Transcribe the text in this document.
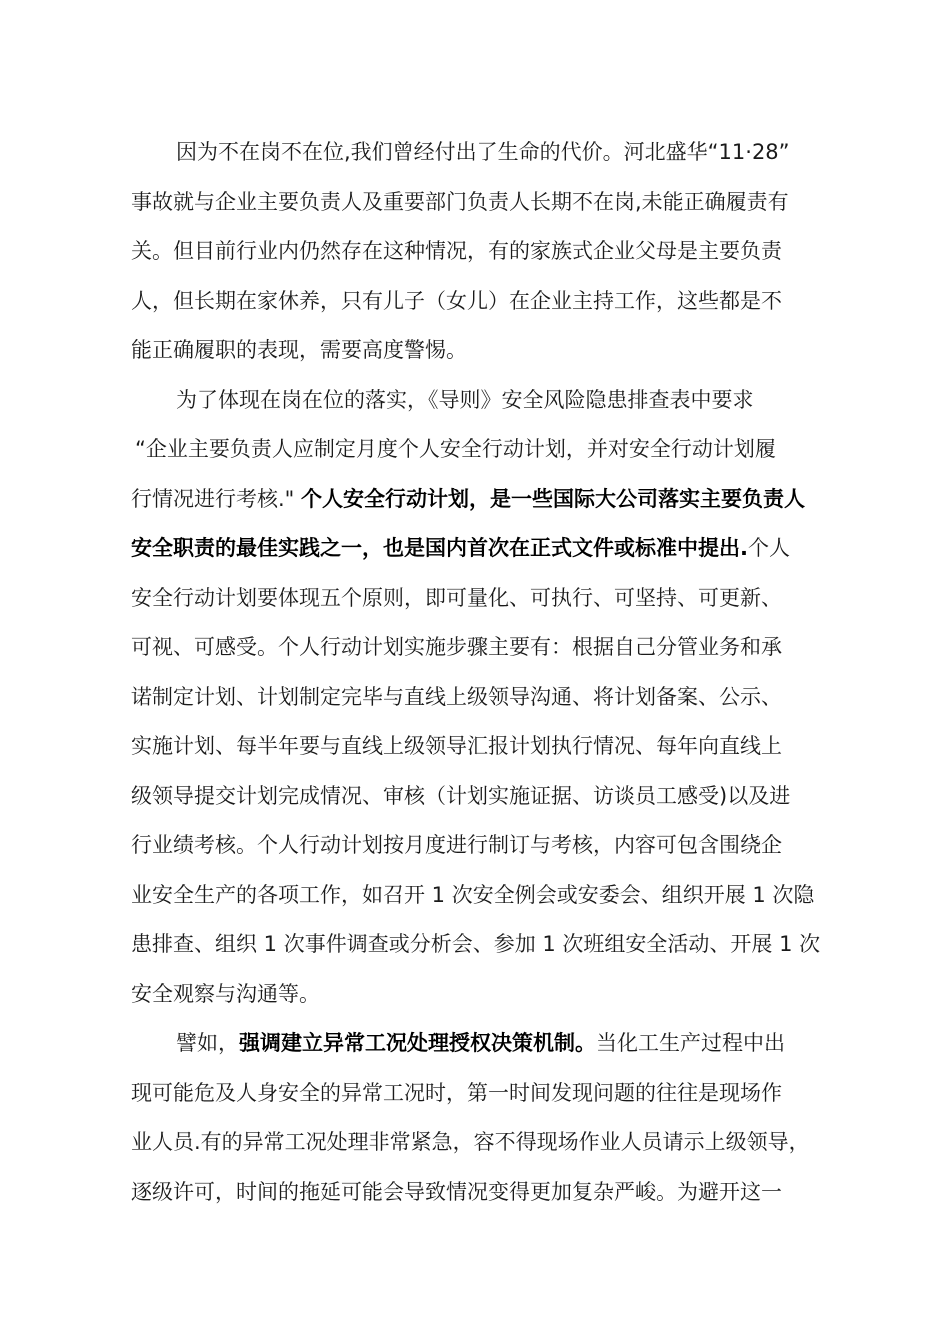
因为不在岗不在位,我们曾经付出了生命的代价。河北盛华“11·28”
事故就与企业主要负责人及重要部门负责人长期不在岗,未能正确履责有
关。但目前行业内仍然存在这种情况，有的家族式企业父母是主要负责
人，但长期在家休养，只有儿子（女儿）在企业主持工作，这些都是不
能正确履职的表现，需要高度警惕。
为了体现在岗在位的落实，《导则》安全风险隐患排查表中要求
“企业主要负责人应制定月度个人安全行动计划，并对安全行动计划履
行情况进行考核." 个人安全行动计划，是一些国际大公司落实主要负责人
安全职责的最佳实践之一，也是国内首次在正式文件或标准中提出.个人
安全行动计划要体现五个原则，即可量化、可执行、可坚持、可更新、
可视、可感受。个人行动计划实施步骤主要有：根据自己分管业务和承
诺制定计划、计划制定完毕与直线上级领导沟通、将计划备案、公示、
实施计划、每半年要与直线上级领导汇报计划执行情况、每年向直线上
级领导提交计划完成情况、审核（计划实施证据、访谈员工感受)以及进
行业绩考核。个人行动计划按月度进行制订与考核，内容可包含围绕企
业安全生产的各项工作，如召开 1 次安全例会或安委会、组织开展 1 次隐
患排查、组织 1 次事件调查或分析会、参加 1 次班组安全活动、开展 1 次
安全观察与沟通等。
譬如，强调建立异常工况处理授权决策机制。当化工生产过程中出
现可能危及人身安全的异常工况时，第一时间发现问题的往往是现场作
业人员.有的异常工况处理非常紧急，容不得现场作业人员请示上级领导，
逐级许可，时间的拖延可能会导致情况变得更加复杂严峻。为避开这一
